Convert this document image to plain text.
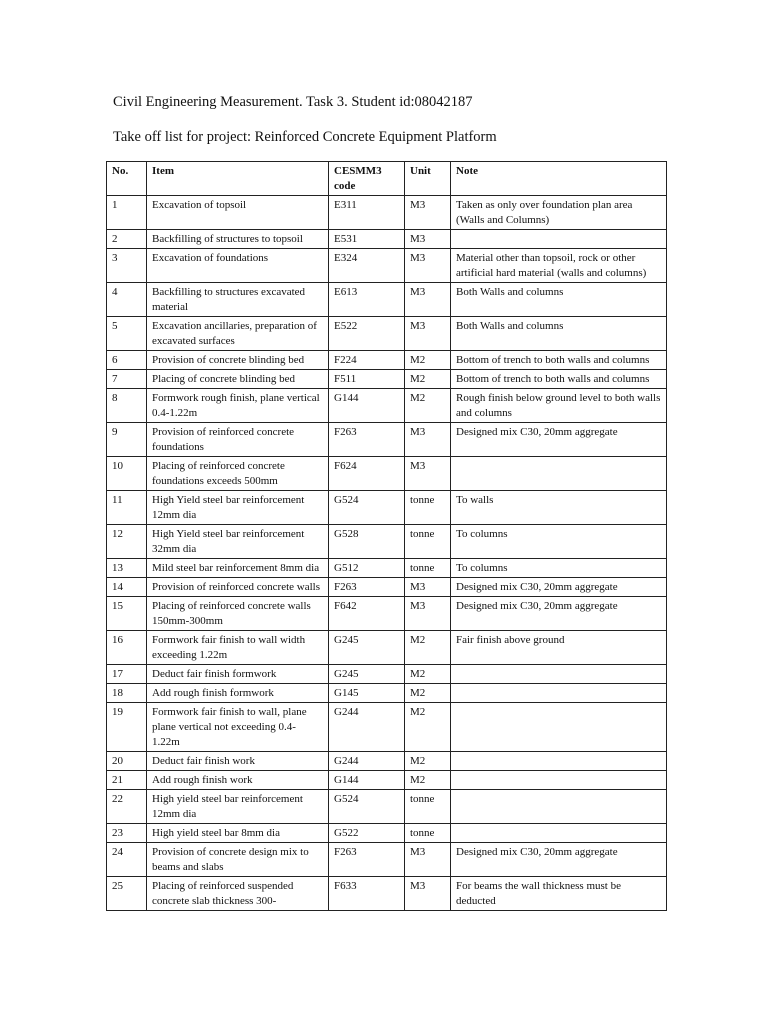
Civil Engineering Measurement. Task 3. Student id:08042187
Take off list for project: Reinforced Concrete Equipment Platform
No.	Item	CESMM3 code	Unit	Note
1	Excavation of topsoil	E311	M3	Taken as only over foundation plan area (Walls and Columns)
2	Backfilling of structures to topsoil	E531	M3	
3	Excavation of foundations	E324	M3	Material other than topsoil, rock or other artificial hard material (walls and columns)
4	Backfilling to structures excavated material	E613	M3	Both Walls and columns
5	Excavation ancillaries, preparation of excavated surfaces	E522	M3	Both Walls and columns
6	Provision of concrete blinding bed	F224	M2	Bottom of trench to both walls and columns
7	Placing of concrete blinding bed	F511	M2	Bottom of trench to both walls and columns
8	Formwork rough finish, plane vertical 0.4-1.22m	G144	M2	Rough finish below ground level to both walls and columns
9	Provision of reinforced concrete foundations	F263	M3	Designed mix C30, 20mm aggregate
10	Placing of reinforced concrete foundations exceeds 500mm	F624	M3	
11	High Yield steel bar reinforcement 12mm dia	G524	tonne	To walls
12	High Yield steel bar reinforcement 32mm dia	G528	tonne	To columns
13	Mild steel bar reinforcement 8mm dia	G512	tonne	To columns
14	Provision of reinforced concrete walls	F263	M3	Designed mix C30, 20mm aggregate
15	Placing of reinforced concrete walls 150mm-300mm	F642	M3	Designed mix C30, 20mm aggregate
16	Formwork fair finish to wall width exceeding 1.22m	G245	M2	Fair finish above ground
17	Deduct fair finish formwork	G245	M2	
18	Add rough finish formwork	G145	M2	
19	Formwork fair finish to wall, plane plane vertical not exceeding 0.4-1.22m	G244	M2	
20	Deduct fair finish work	G244	M2	
21	Add rough finish work	G144	M2	
22	High yield steel bar reinforcement 12mm dia	G524	tonne	
23	High yield steel bar 8mm dia	G522	tonne	
24	Provision of concrete design mix to beams and slabs	F263	M3	Designed mix C30, 20mm aggregate
25	Placing of reinforced suspended concrete slab thickness 300-	F633	M3	For beams the wall thickness must be deducted
